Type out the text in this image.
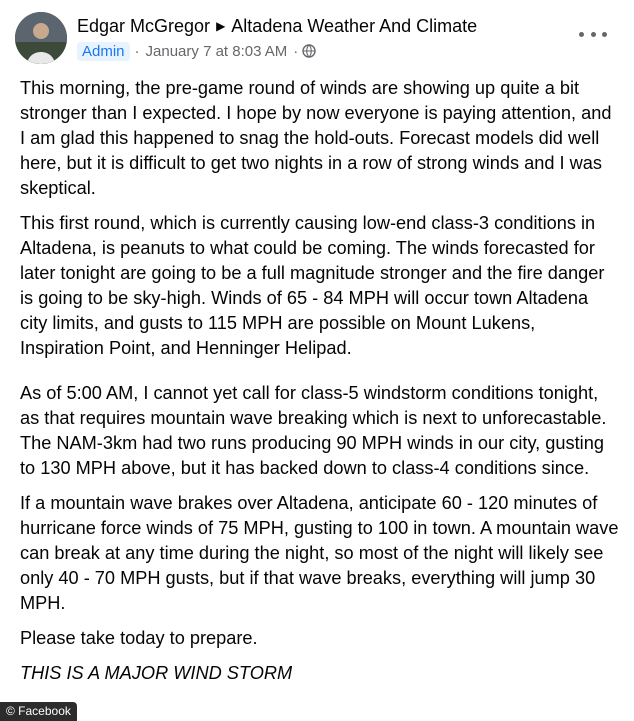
Edgar McGregor ▶ Altadena Weather And Climate
Admin · January 7 at 8:03 AM ·

This morning, the pre-game round of winds are showing up quite a bit stronger than I expected. I hope by now everyone is paying attention, and I am glad this happened to snag the hold-outs. Forecast models did well here, but it is difficult to get two nights in a row of strong winds and I was skeptical.

This first round, which is currently causing low-end class-3 conditions in Altadena, is peanuts to what could be coming. The winds forecasted for later tonight are going to be a full magnitude stronger and the fire danger is going to be sky-high. Winds of 65 - 84 MPH will occur town Altadena city limits, and gusts to 115 MPH are possible on Mount Lukens, Inspiration Point, and Henninger Helipad.

As of 5:00 AM, I cannot yet call for class-5 windstorm conditions tonight, as that requires mountain wave breaking which is next to unforecastable. The NAM-3km had two runs producing 90 MPH winds in our city, gusting to 130 MPH above, but it has backed down to class-4 conditions since.

If a mountain wave brakes over Altadena, anticipate 60 - 120 minutes of hurricane force winds of 75 MPH, gusting to 100 in town. A mountain wave can break at any time during the night, so most of the night will likely see only 40 - 70 MPH gusts, but if that wave breaks, everything will jump 30 MPH.

Please take today to prepare.

THIS IS A MAJOR WIND STORM

© Facebook
